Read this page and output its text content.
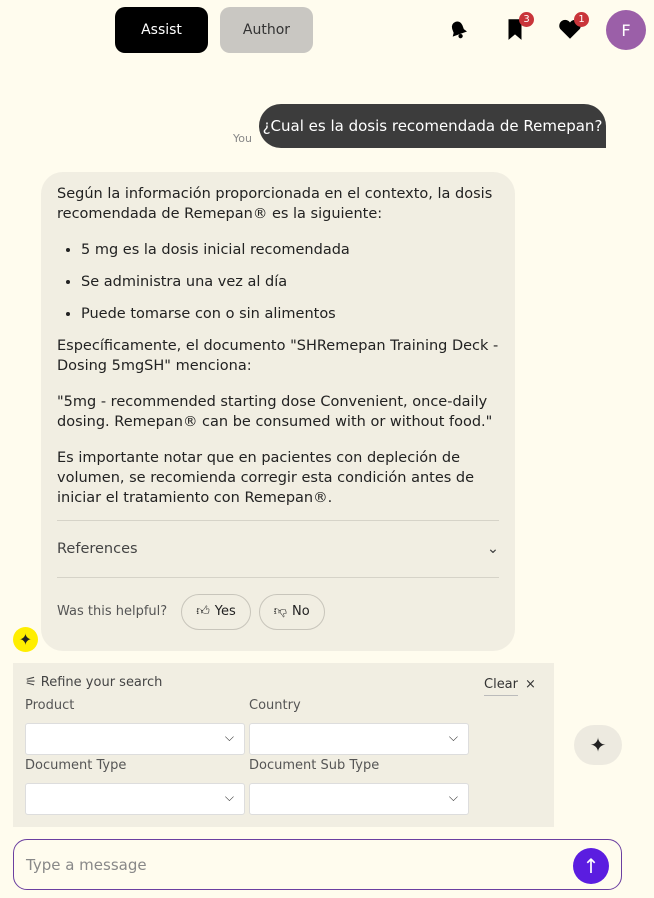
Assist	Author
3	1
F
You
¿Cual es la dosis recomendada de Remepan?

Según la información proporcionada en el contexto, la dosis recomendada de Remepan® es la siguiente:

• 5 mg es la dosis inicial recomendada
• Se administra una vez al día
• Puede tomarse con o sin alimentos

Específicamente, el documento "SHRemepan Training Deck - Dosing 5mgSH" menciona:

"5mg - recommended starting dose Convenient, once-daily dosing. Remepan® can be consumed with or without food."

Es importante notar que en pacientes con depleción de volumen, se recomienda corregir esta condición antes de iniciar el tratamiento con Remepan®.

References	⌄
Was this helpful? 👍︎ Yes	👎︎ No
✦
⚟ Refine your search	Clear ×
Product	Country
⌵	⌵
Document Type	Document Sub Type
⌵	⌵
✦
Type a message	↑
